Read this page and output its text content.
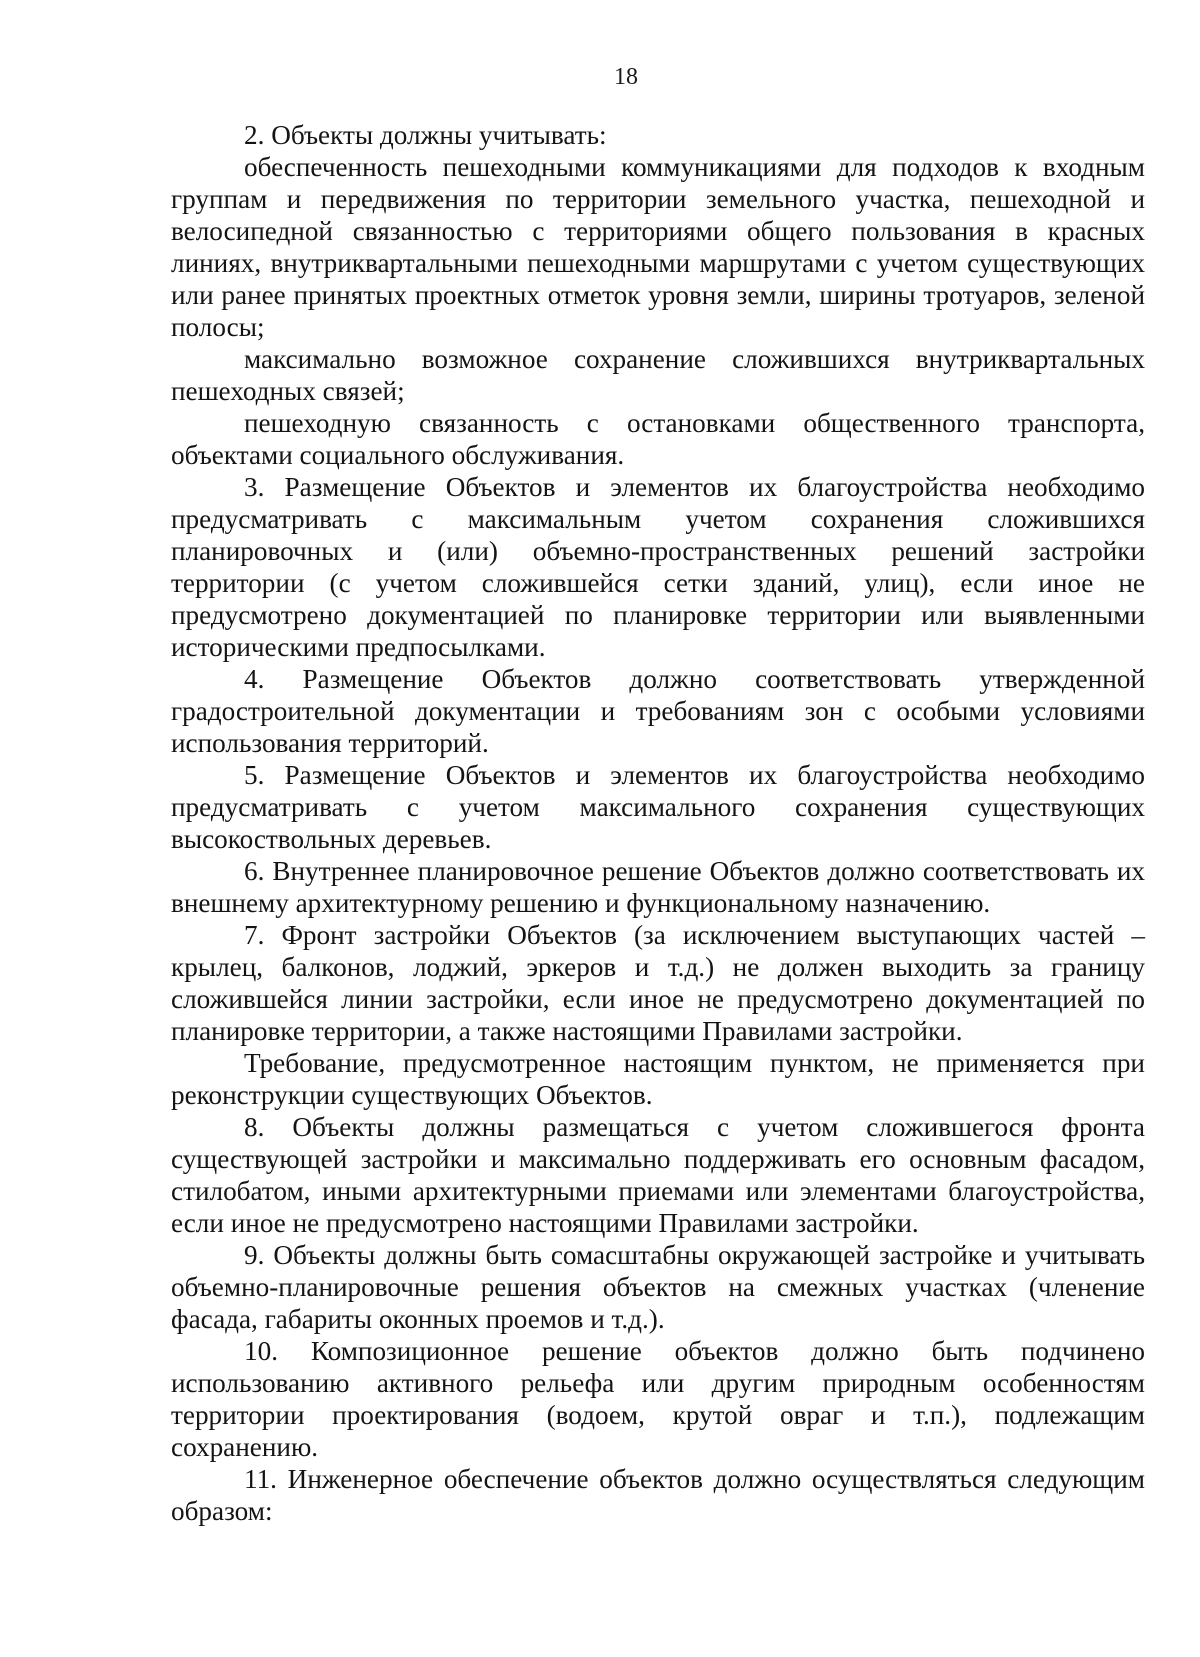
18

2. Объекты должны учитывать:

обеспеченность пешеходными коммуникациями для подходов к входным группам и передвижения по территории земельного участка, пешеходной и велосипедной связанностью с территориями общего пользования в красных линиях, внутриквартальными пешеходными маршрутами с учетом существующих или ранее принятых проектных отметок уровня земли, ширины тротуаров, зеленой полосы;

максимально возможное сохранение сложившихся внутриквартальных пешеходных связей;

пешеходную связанность с остановками общественного транспорта, объектами социального обслуживания.

3. Размещение Объектов и элементов их благоустройства необходимо предусматривать с максимальным учетом сохранения сложившихся планировочных и (или) объемно-пространственных решений застройки территории (с учетом сложившейся сетки зданий, улиц), если иное не предусмотрено документацией по планировке территории или выявленными историческими предпосылками.

4. Размещение Объектов должно соответствовать утвержденной градостроительной документации и требованиям зон с особыми условиями использования территорий.

5. Размещение Объектов и элементов их благоустройства необходимо предусматривать с учетом максимального сохранения существующих высокоствольных деревьев.

6. Внутреннее планировочное решение Объектов должно соответствовать их внешнему архитектурному решению и функциональному назначению.

7. Фронт застройки Объектов (за исключением выступающих частей – крылец, балконов, лоджий, эркеров и т.д.) не должен выходить за границу сложившейся линии застройки, если иное не предусмотрено документацией по планировке территории, а также настоящими Правилами застройки.

Требование, предусмотренное настоящим пунктом, не применяется при реконструкции существующих Объектов.

8. Объекты должны размещаться с учетом сложившегося фронта существующей застройки и максимально поддерживать его основным фасадом, стилобатом, иными архитектурными приемами или элементами благоустройства, если иное не предусмотрено настоящими Правилами застройки.

9. Объекты должны быть сомасштабны окружающей застройке и учитывать объемно-планировочные решения объектов на смежных участках (членение фасада, габариты оконных проемов и т.д.).

10. Композиционное решение объектов должно быть подчинено использованию активного рельефа или другим природным особенностям территории проектирования (водоем, крутой овраг и т.п.), подлежащим сохранению.

11. Инженерное обеспечение объектов должно осуществляться следующим образом:
